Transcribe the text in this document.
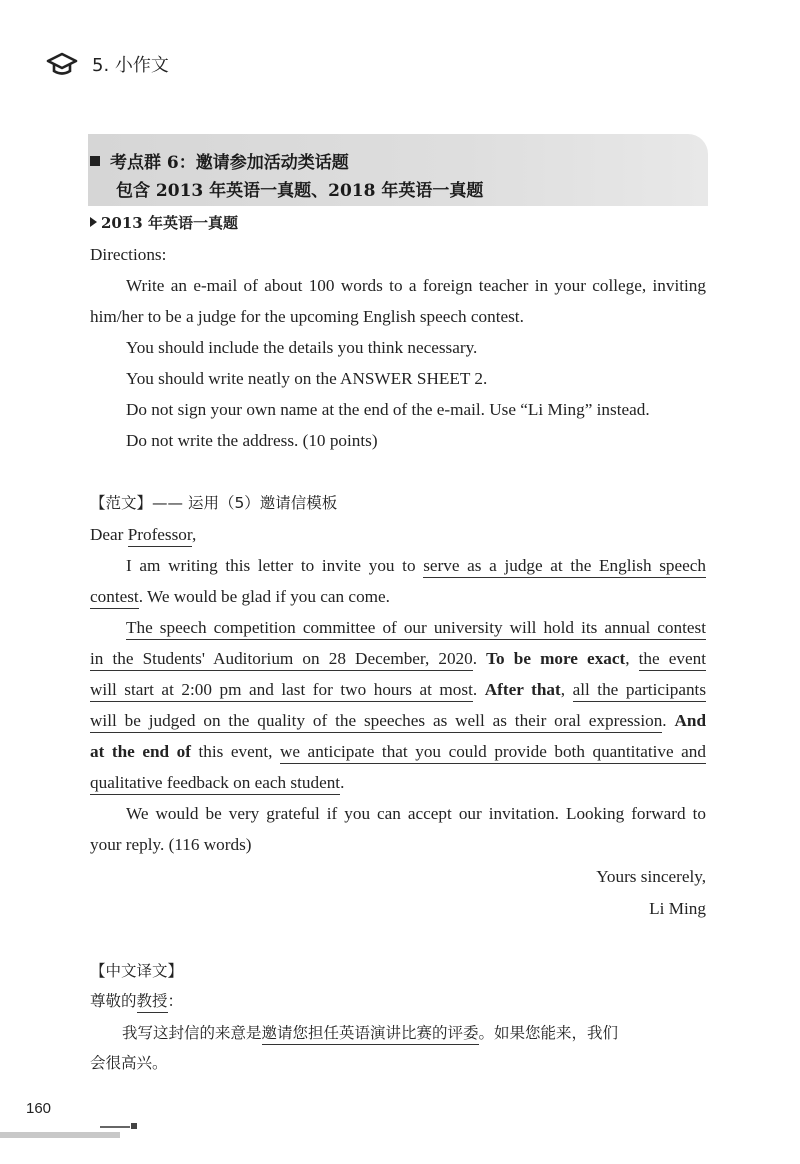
5. 小作文
考点群 6：邀请参加活动类话题
包含 2013 年英语一真题、2018 年英语一真题
2013 年英语一真题
Directions:
Write an e-mail of about 100 words to a foreign teacher in your college, inviting
him/her to be a judge for the upcoming English speech contest.
You should include the details you think necessary.
You should write neatly on the ANSWER SHEET 2.
Do not sign your own name at the end of the e-mail. Use “Li Ming” instead.
Do not write the address. (10 points)
【范文】—— 运用（5）邀请信模板
Dear Professor,
I am writing this letter to invite you to serve as a judge at the English speech
contest. We would be glad if you can come.
The speech competition committee of our university will hold its annual contest
in the Students' Auditorium on 28 December, 2020. To be more exact, the event
will start at 2:00 pm and last for two hours at most. After that, all the participants
will be judged on the quality of the speeches as well as their oral expression. And
at the end of this event, we anticipate that you could provide both quantitative and
qualitative feedback on each student.
We would be very grateful if you can accept our invitation. Looking forward to
your reply. (116 words)
Yours sincerely,
Li Ming
【中文译文】
尊敬的教授：
我写这封信的来意是邀请您担任英语演讲比赛的评委。如果您能来，我们
会很高兴。
160
